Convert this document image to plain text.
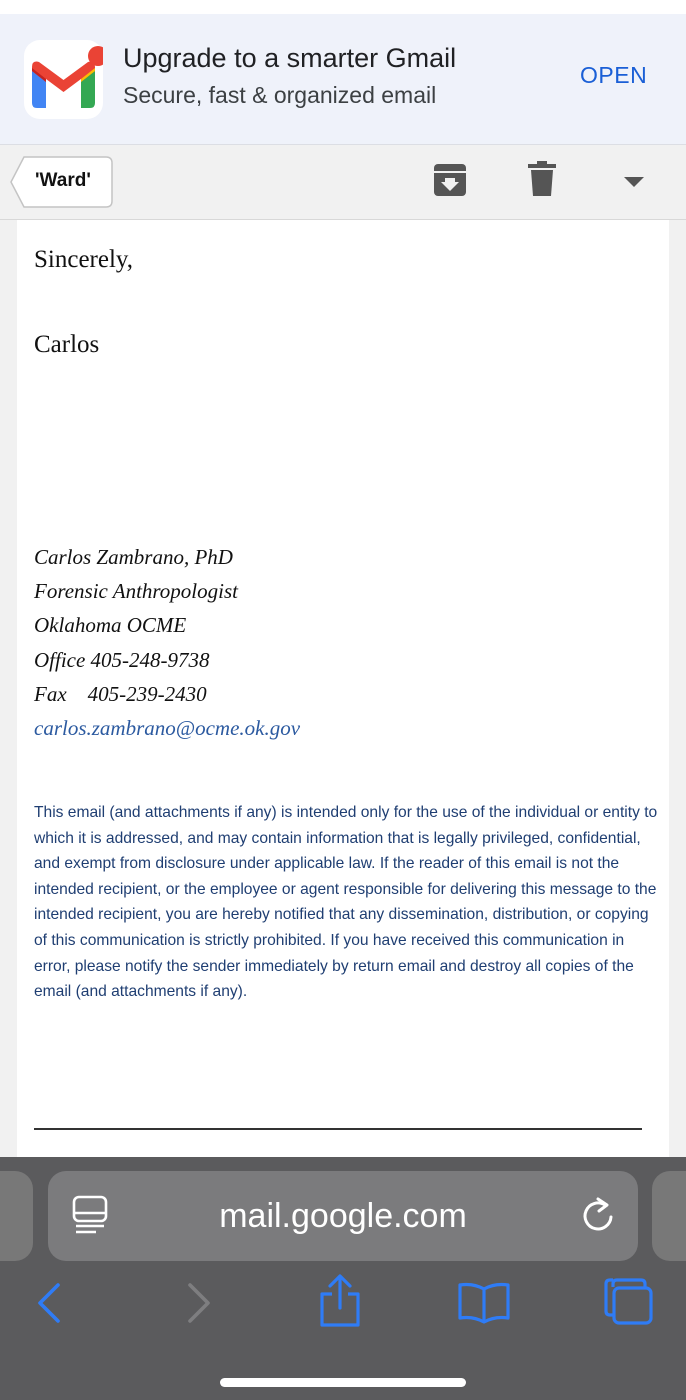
Upgrade to a smarter Gmail
Secure, fast & organized email
OPEN
'Ward'
Sincerely,
Carlos
Carlos Zambrano, PhD
Forensic Anthropologist
Oklahoma OCME
Office 405-248-9738
Fax    405-239-2430
carlos.zambrano@ocme.ok.gov
This email (and attachments if any) is intended only for the use of the individual or entity to which it is addressed, and may contain information that is legally privileged, confidential, and exempt from disclosure under applicable law. If the reader of this email is not the intended recipient, or the employee or agent responsible for delivering this message to the intended recipient, you are hereby notified that any dissemination, distribution, or copying of this communication is strictly prohibited. If you have received this communication in error, please notify the sender immediately by return email and destroy all copies of the email (and attachments if any).
mail.google.com
